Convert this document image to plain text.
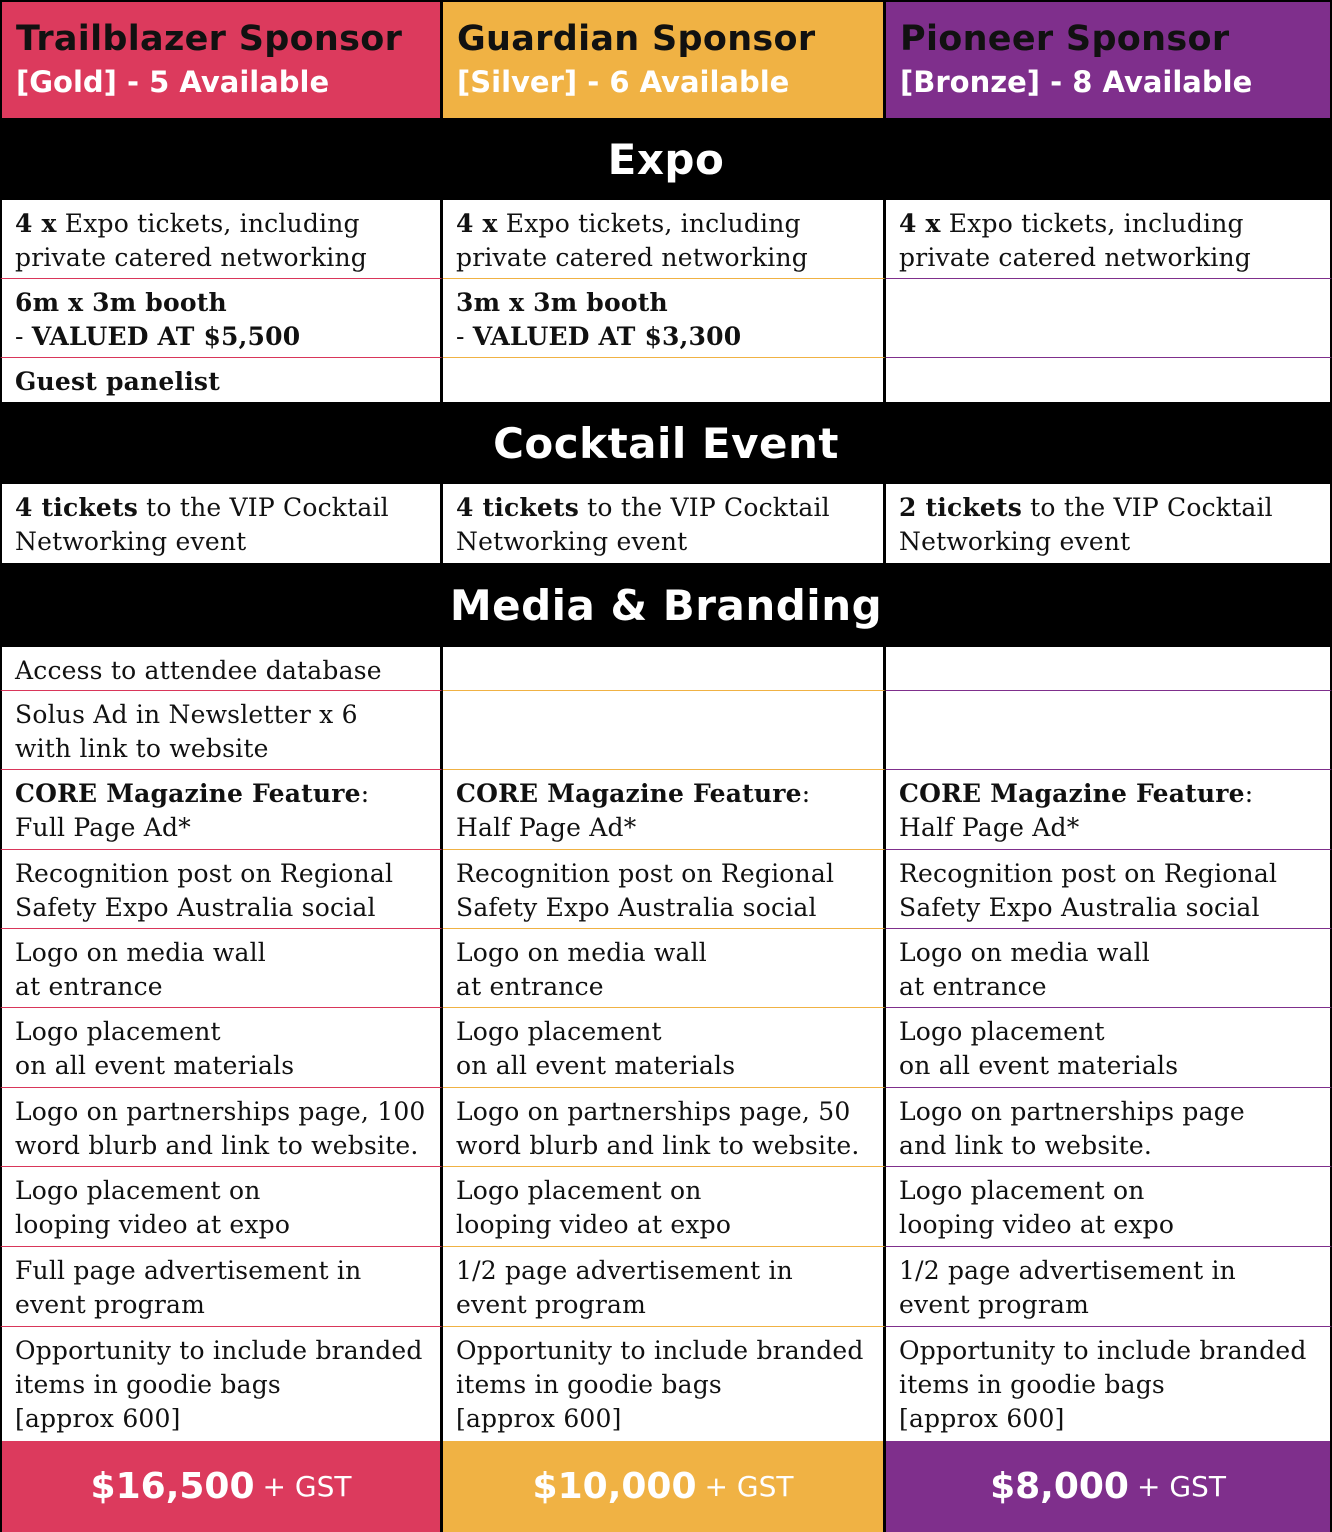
Trailblazer Sponsor
[Gold] - 5 Available
Guardian Sponsor
[Silver] - 6 Available
Pioneer Sponsor
[Bronze] - 8 Available
Expo
4 x Expo tickets, including
private catered networking
4 x Expo tickets, including
private catered networking
4 x Expo tickets, including
private catered networking
6m x 3m booth
- VALUED AT $5,500
3m x 3m booth
- VALUED AT $3,300
Guest panelist
Cocktail Event
4 tickets to the VIP Cocktail
Networking event
4 tickets to the VIP Cocktail
Networking event
2 tickets to the VIP Cocktail
Networking event
Media & Branding
Access to attendee database
Solus Ad in Newsletter x 6
with link to website
CORE Magazine Feature:
Full Page Ad*
CORE Magazine Feature:
Half Page Ad*
CORE Magazine Feature:
Half Page Ad*
Recognition post on Regional
Safety Expo Australia social
Recognition post on Regional
Safety Expo Australia social
Recognition post on Regional
Safety Expo Australia social
Logo on media wall
at entrance
Logo on media wall
at entrance
Logo on media wall
at entrance
Logo placement
on all event materials
Logo placement
on all event materials
Logo placement
on all event materials
Logo on partnerships page, 100
word blurb and link to website.
Logo on partnerships page, 50
word blurb and link to website.
Logo on partnerships page
and link to website.
Logo placement on
looping video at expo
Logo placement on
looping video at expo
Logo placement on
looping video at expo
Full page advertisement in
event program
1/2 page advertisement in
event program
1/2 page advertisement in
event program
Opportunity to include branded
items in goodie bags
[approx 600]
Opportunity to include branded
items in goodie bags
[approx 600]
Opportunity to include branded
items in goodie bags
[approx 600]
$16,500 + GST	$10,000 + GST	$8,000 + GST
